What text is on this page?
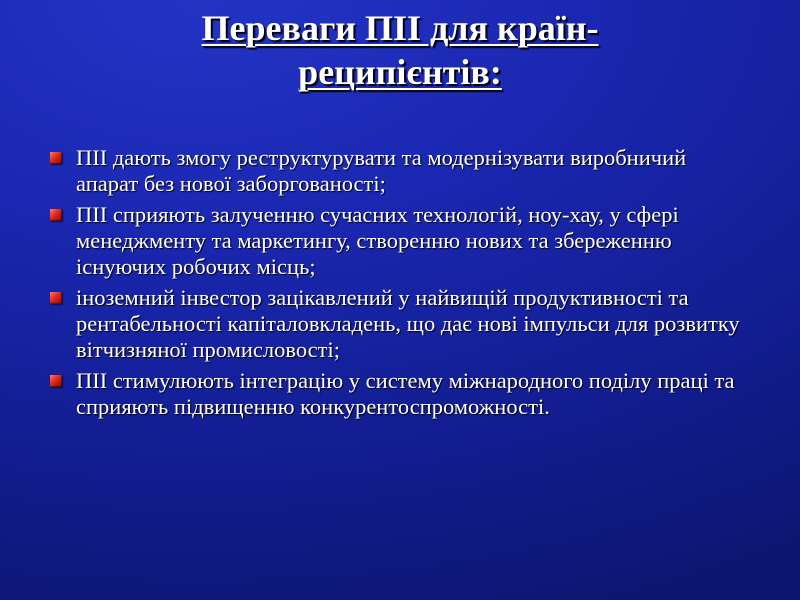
Переваги ПІІ для країн-
реципієнтів:
ПІІ дають змогу реструктурувати та модернізувати виробничий апарат без нової заборгованості;
ПІІ сприяють залученню сучасних технологій, ноу-хау, у сфері менеджменту та маркетингу, створенню нових та збереженню існуючих робочих місць;
іноземний інвестор зацікавлений у найвищій продуктивності та рентабельності капіталовкладень, що дає нові імпульси для розвитку вітчизняної промисловості;
ПІІ стимулюють інтеграцію у систему міжнародного поділу праці та сприяють підвищенню конкурентоспроможності.
